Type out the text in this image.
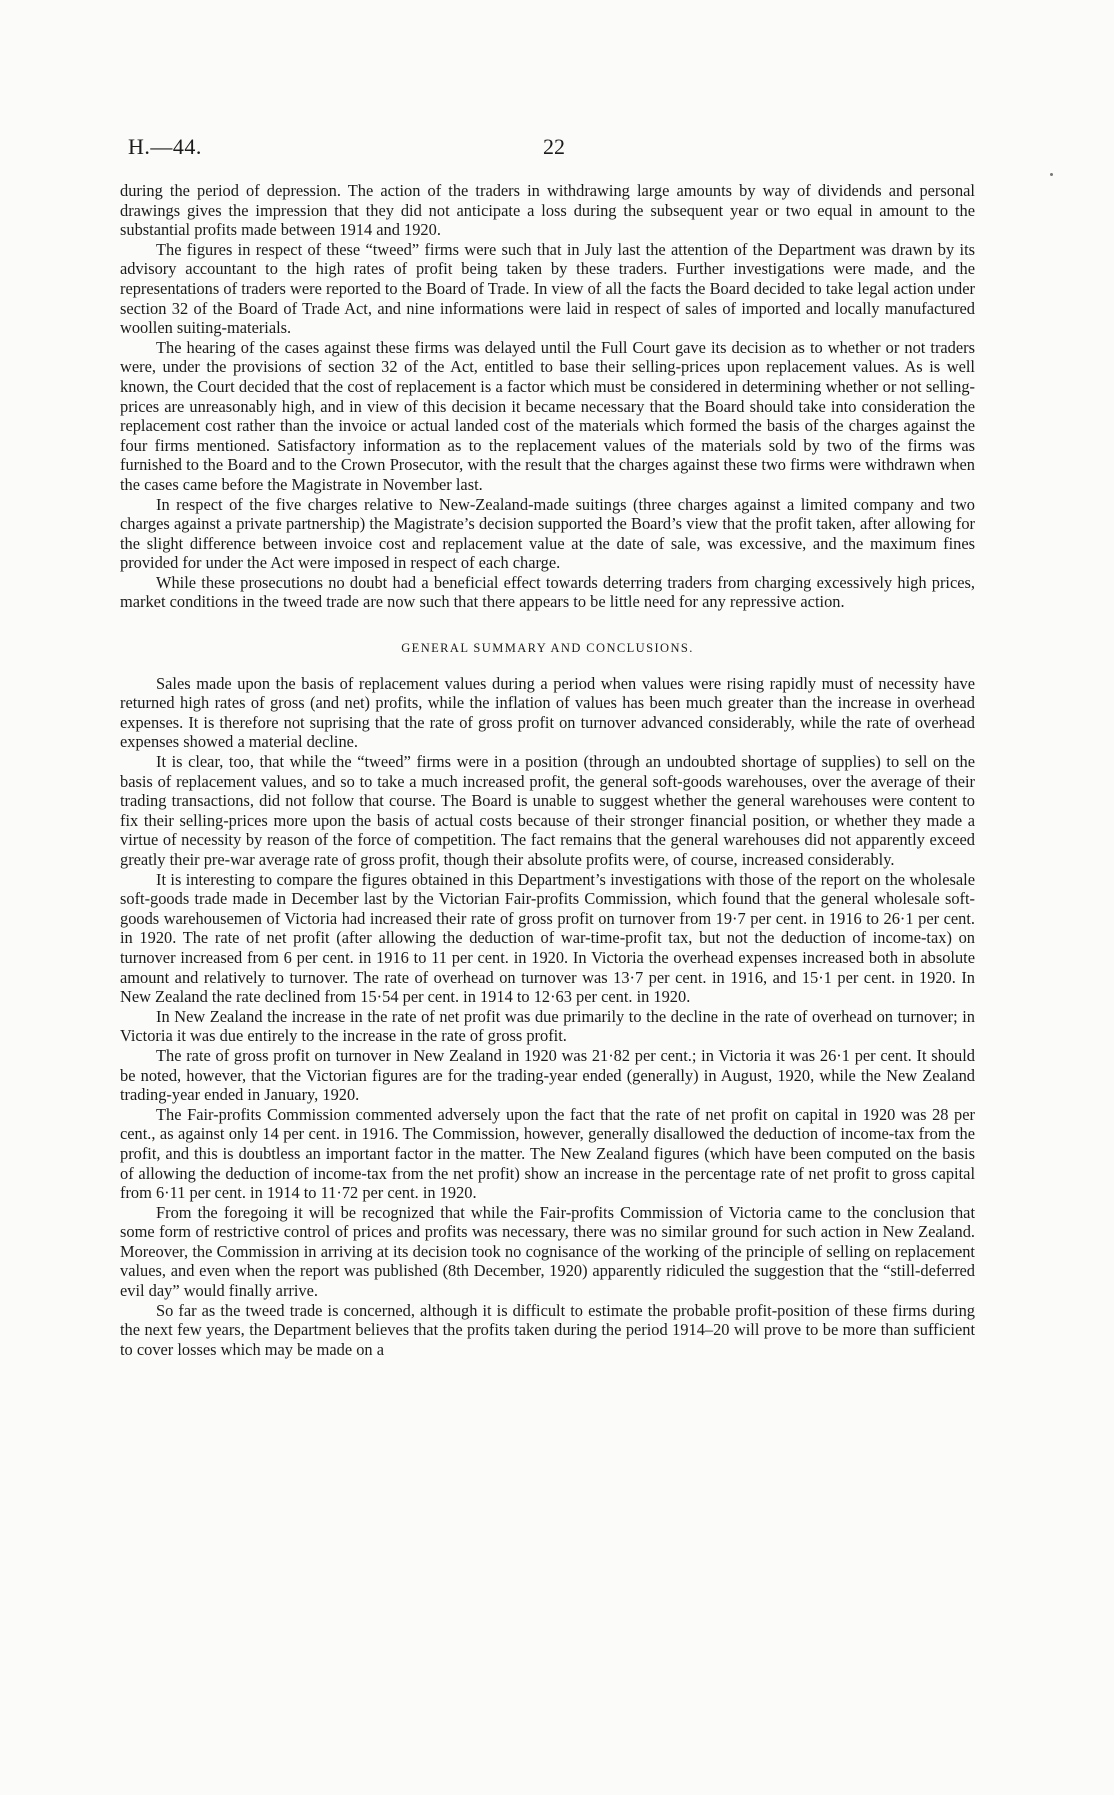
H.—44.	22

during the period of depression. The action of the traders in withdrawing large amounts by way of dividends and personal drawings gives the impression that they did not anticipate a loss during the subsequent year or two equal in amount to the substantial profits made between 1914 and 1920.

The figures in respect of these “tweed” firms were such that in July last the attention of the Department was drawn by its advisory accountant to the high rates of profit being taken by these traders. Further investigations were made, and the representations of traders were reported to the Board of Trade. In view of all the facts the Board decided to take legal action under section 32 of the Board of Trade Act, and nine informations were laid in respect of sales of imported and locally manufactured woollen suiting-materials.

The hearing of the cases against these firms was delayed until the Full Court gave its decision as to whether or not traders were, under the provisions of section 32 of the Act, entitled to base their selling-prices upon replacement values. As is well known, the Court decided that the cost of replacement is a factor which must be considered in determining whether or not selling-prices are unreasonably high, and in view of this decision it became necessary that the Board should take into consideration the replacement cost rather than the invoice or actual landed cost of the materials which formed the basis of the charges against the four firms mentioned. Satisfactory information as to the replacement values of the materials sold by two of the firms was furnished to the Board and to the Crown Prosecutor, with the result that the charges against these two firms were withdrawn when the cases came before the Magistrate in November last.

In respect of the five charges relative to New-Zealand-made suitings (three charges against a limited company and two charges against a private partnership) the Magistrate’s decision supported the Board’s view that the profit taken, after allowing for the slight difference between invoice cost and replacement value at the date of sale, was excessive, and the maximum fines provided for under the Act were imposed in respect of each charge.

While these prosecutions no doubt had a beneficial effect towards deterring traders from charging excessively high prices, market conditions in the tweed trade are now such that there appears to be little need for any repressive action.

GENERAL SUMMARY AND CONCLUSIONS.

Sales made upon the basis of replacement values during a period when values were rising rapidly must of necessity have returned high rates of gross (and net) profits, while the inflation of values has been much greater than the increase in overhead expenses. It is therefore not suprising that the rate of gross profit on turnover advanced considerably, while the rate of overhead expenses showed a material decline.

It is clear, too, that while the “tweed” firms were in a position (through an undoubted shortage of supplies) to sell on the basis of replacement values, and so to take a much increased profit, the general soft-goods warehouses, over the average of their trading transactions, did not follow that course. The Board is unable to suggest whether the general warehouses were content to fix their selling-prices more upon the basis of actual costs because of their stronger financial position, or whether they made a virtue of necessity by reason of the force of competition. The fact remains that the general warehouses did not apparently exceed greatly their pre-war average rate of gross profit, though their absolute profits were, of course, increased considerably.

It is interesting to compare the figures obtained in this Department’s investigations with those of the report on the wholesale soft-goods trade made in December last by the Victorian Fair-profits Commission, which found that the general wholesale soft-goods warehousemen of Victoria had increased their rate of gross profit on turnover from 19·7 per cent. in 1916 to 26·1 per cent. in 1920. The rate of net profit (after allowing the deduction of war-time-profit tax, but not the deduction of income-tax) on turnover increased from 6 per cent. in 1916 to 11 per cent. in 1920. In Victoria the overhead expenses increased both in absolute amount and relatively to turnover. The rate of overhead on turnover was 13·7 per cent. in 1916, and 15·1 per cent. in 1920. In New Zealand the rate declined from 15·54 per cent. in 1914 to 12·63 per cent. in 1920.

In New Zealand the increase in the rate of net profit was due primarily to the decline in the rate of overhead on turnover; in Victoria it was due entirely to the increase in the rate of gross profit.

The rate of gross profit on turnover in New Zealand in 1920 was 21·82 per cent.; in Victoria it was 26·1 per cent. It should be noted, however, that the Victorian figures are for the trading-year ended (generally) in August, 1920, while the New Zealand trading-year ended in January, 1920.

The Fair-profits Commission commented adversely upon the fact that the rate of net profit on capital in 1920 was 28 per cent., as against only 14 per cent. in 1916. The Commission, however, generally disallowed the deduction of income-tax from the profit, and this is doubtless an important factor in the matter. The New Zealand figures (which have been computed on the basis of allowing the deduction of income-tax from the net profit) show an increase in the percentage rate of net profit to gross capital from 6·11 per cent. in 1914 to 11·72 per cent. in 1920.

From the foregoing it will be recognized that while the Fair-profits Commission of Victoria came to the conclusion that some form of restrictive control of prices and profits was necessary, there was no similar ground for such action in New Zealand. Moreover, the Commission in arriving at its decision took no cognisance of the working of the principle of selling on replacement values, and even when the report was published (8th December, 1920) apparently ridiculed the suggestion that the “still-deferred evil day” would finally arrive.

So far as the tweed trade is concerned, although it is difficult to estimate the probable profit-position of these firms during the next few years, the Department believes that the profits taken during the period 1914–20 will prove to be more than sufficient to cover losses which may be made on a
